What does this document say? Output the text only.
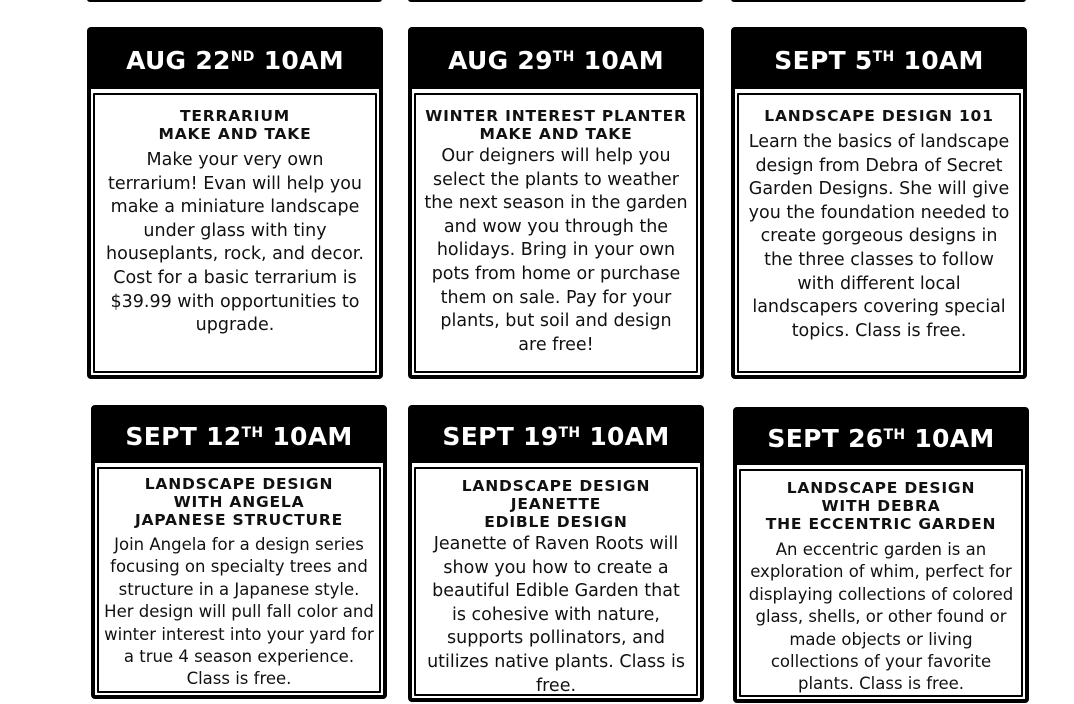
AUG 22ND 10AM
TERRARIUM
MAKE AND TAKE
Make your very own terrarium! Evan will help you make a miniature landscape under glass with tiny houseplants, rock, and decor. Cost for a basic terrarium is $39.99 with opportunities to upgrade.
AUG 29TH 10AM
WINTER INTEREST PLANTER
MAKE AND TAKE
Our deigners will help you select the plants to weather the next season in the garden and wow you through the holidays. Bring in your own pots from home or purchase them on sale. Pay for your plants, but soil and design are free!
SEPT 5TH 10AM
LANDSCAPE DESIGN 101
Learn the basics of landscape design from Debra of Secret Garden Designs. She will give you the foundation needed to create gorgeous designs in the three classes to follow with different local landscapers covering special topics. Class is free.
SEPT 12TH 10AM
LANDSCAPE DESIGN
WITH ANGELA
JAPANESE STRUCTURE
Join Angela for a design series focusing on specialty trees and structure in a Japanese style. Her design will pull fall color and winter interest into your yard for a true 4 season experience. Class is free.
SEPT 19TH 10AM
LANDSCAPE DESIGN
JEANETTE
EDIBLE DESIGN
Jeanette of Raven Roots will show you how to create a beautiful Edible Garden that is cohesive with nature, supports pollinators, and utilizes native plants. Class is free.
SEPT 26TH 10AM
LANDSCAPE DESIGN
WITH DEBRA
THE ECCENTRIC GARDEN
An eccentric garden is an exploration of whim, perfect for displaying collections of colored glass, shells, or other found or made objects or living collections of your favorite plants. Class is free.
